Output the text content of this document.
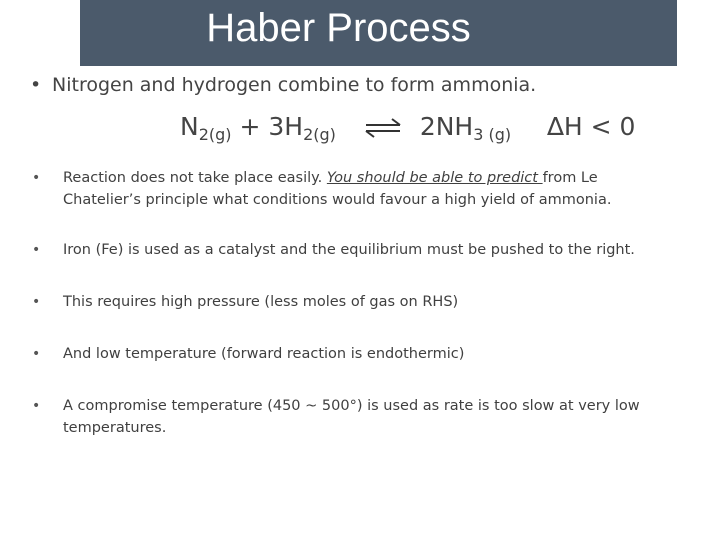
Haber Process
• Nitrogen and hydrogen combine to form ammonia.
$N_{2(g)} + 3H_{2(g)}$ ⇌ $2NH_{3 (g)}$ ∆H < 0
• Reaction does not take place easily. You should be able to predict from Le Chatelier’s principle what conditions would favour a high yield of ammonia.
• Iron (Fe) is used as a catalyst and the equilibrium must be pushed to the right.
• This requires high pressure (less moles of gas on RHS)
• And low temperature (forward reaction is endothermic)
• A compromise temperature (450 ~ 500°) is used as rate is too slow at very low temperatures.
